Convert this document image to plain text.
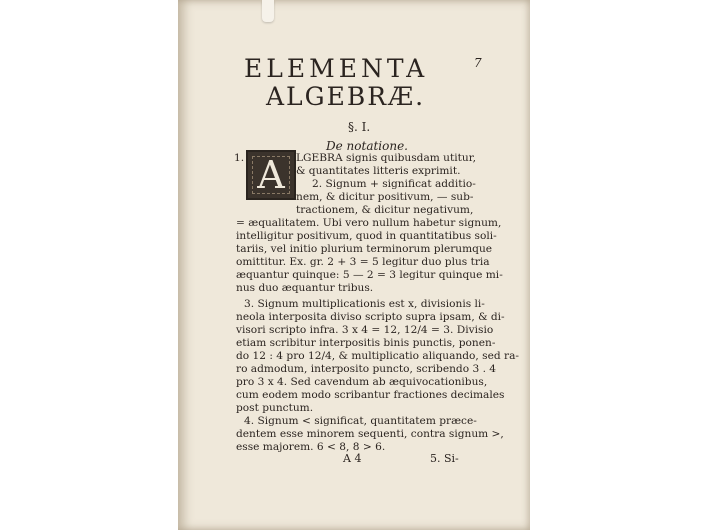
ELEMENTA	7
ALGEBRÆ.
§. I.
De notatione.
1. A	LGEBRA signis quibusdam utitur,
& quantitates litteris exprimit.
2. Signum + significat additio-
nem, & dicitur positivum, — sub-
tractionem, & dicitur negativum,
= æqualitatem. Ubi vero nullum habetur signum,
intelligitur positivum, quod in quantitatibus soli-
tariis, vel initio plurium terminorum plerumque
omittitur. Ex. gr. 2 + 3 = 5 legitur duo plus tria
æquantur quinque: 5 — 2 = 3 legitur quinque mi-
nus duo æquantur tribus.
3. Signum multiplicationis est x, divisionis li-
neola interposita diviso scripto supra ipsam, & di-
visori scripto infra. 3 x 4 = 12, 12/4 = 3. Divisio
etiam scribitur interpositis binis punctis, ponen-
do 12 : 4 pro 12/4, & multiplicatio aliquando, sed ra-
ro admodum, interposito puncto, scribendo 3 . 4
pro 3 x 4. Sed cavendum ab æquivocationibus,
cum eodem modo scribantur fractiones decimales
post punctum.
4. Signum < significat, quantitatem præce-
dentem esse minorem sequenti, contra signum >,
esse majorem. 6 < 8, 8 > 6.
A 4	5. Si-
